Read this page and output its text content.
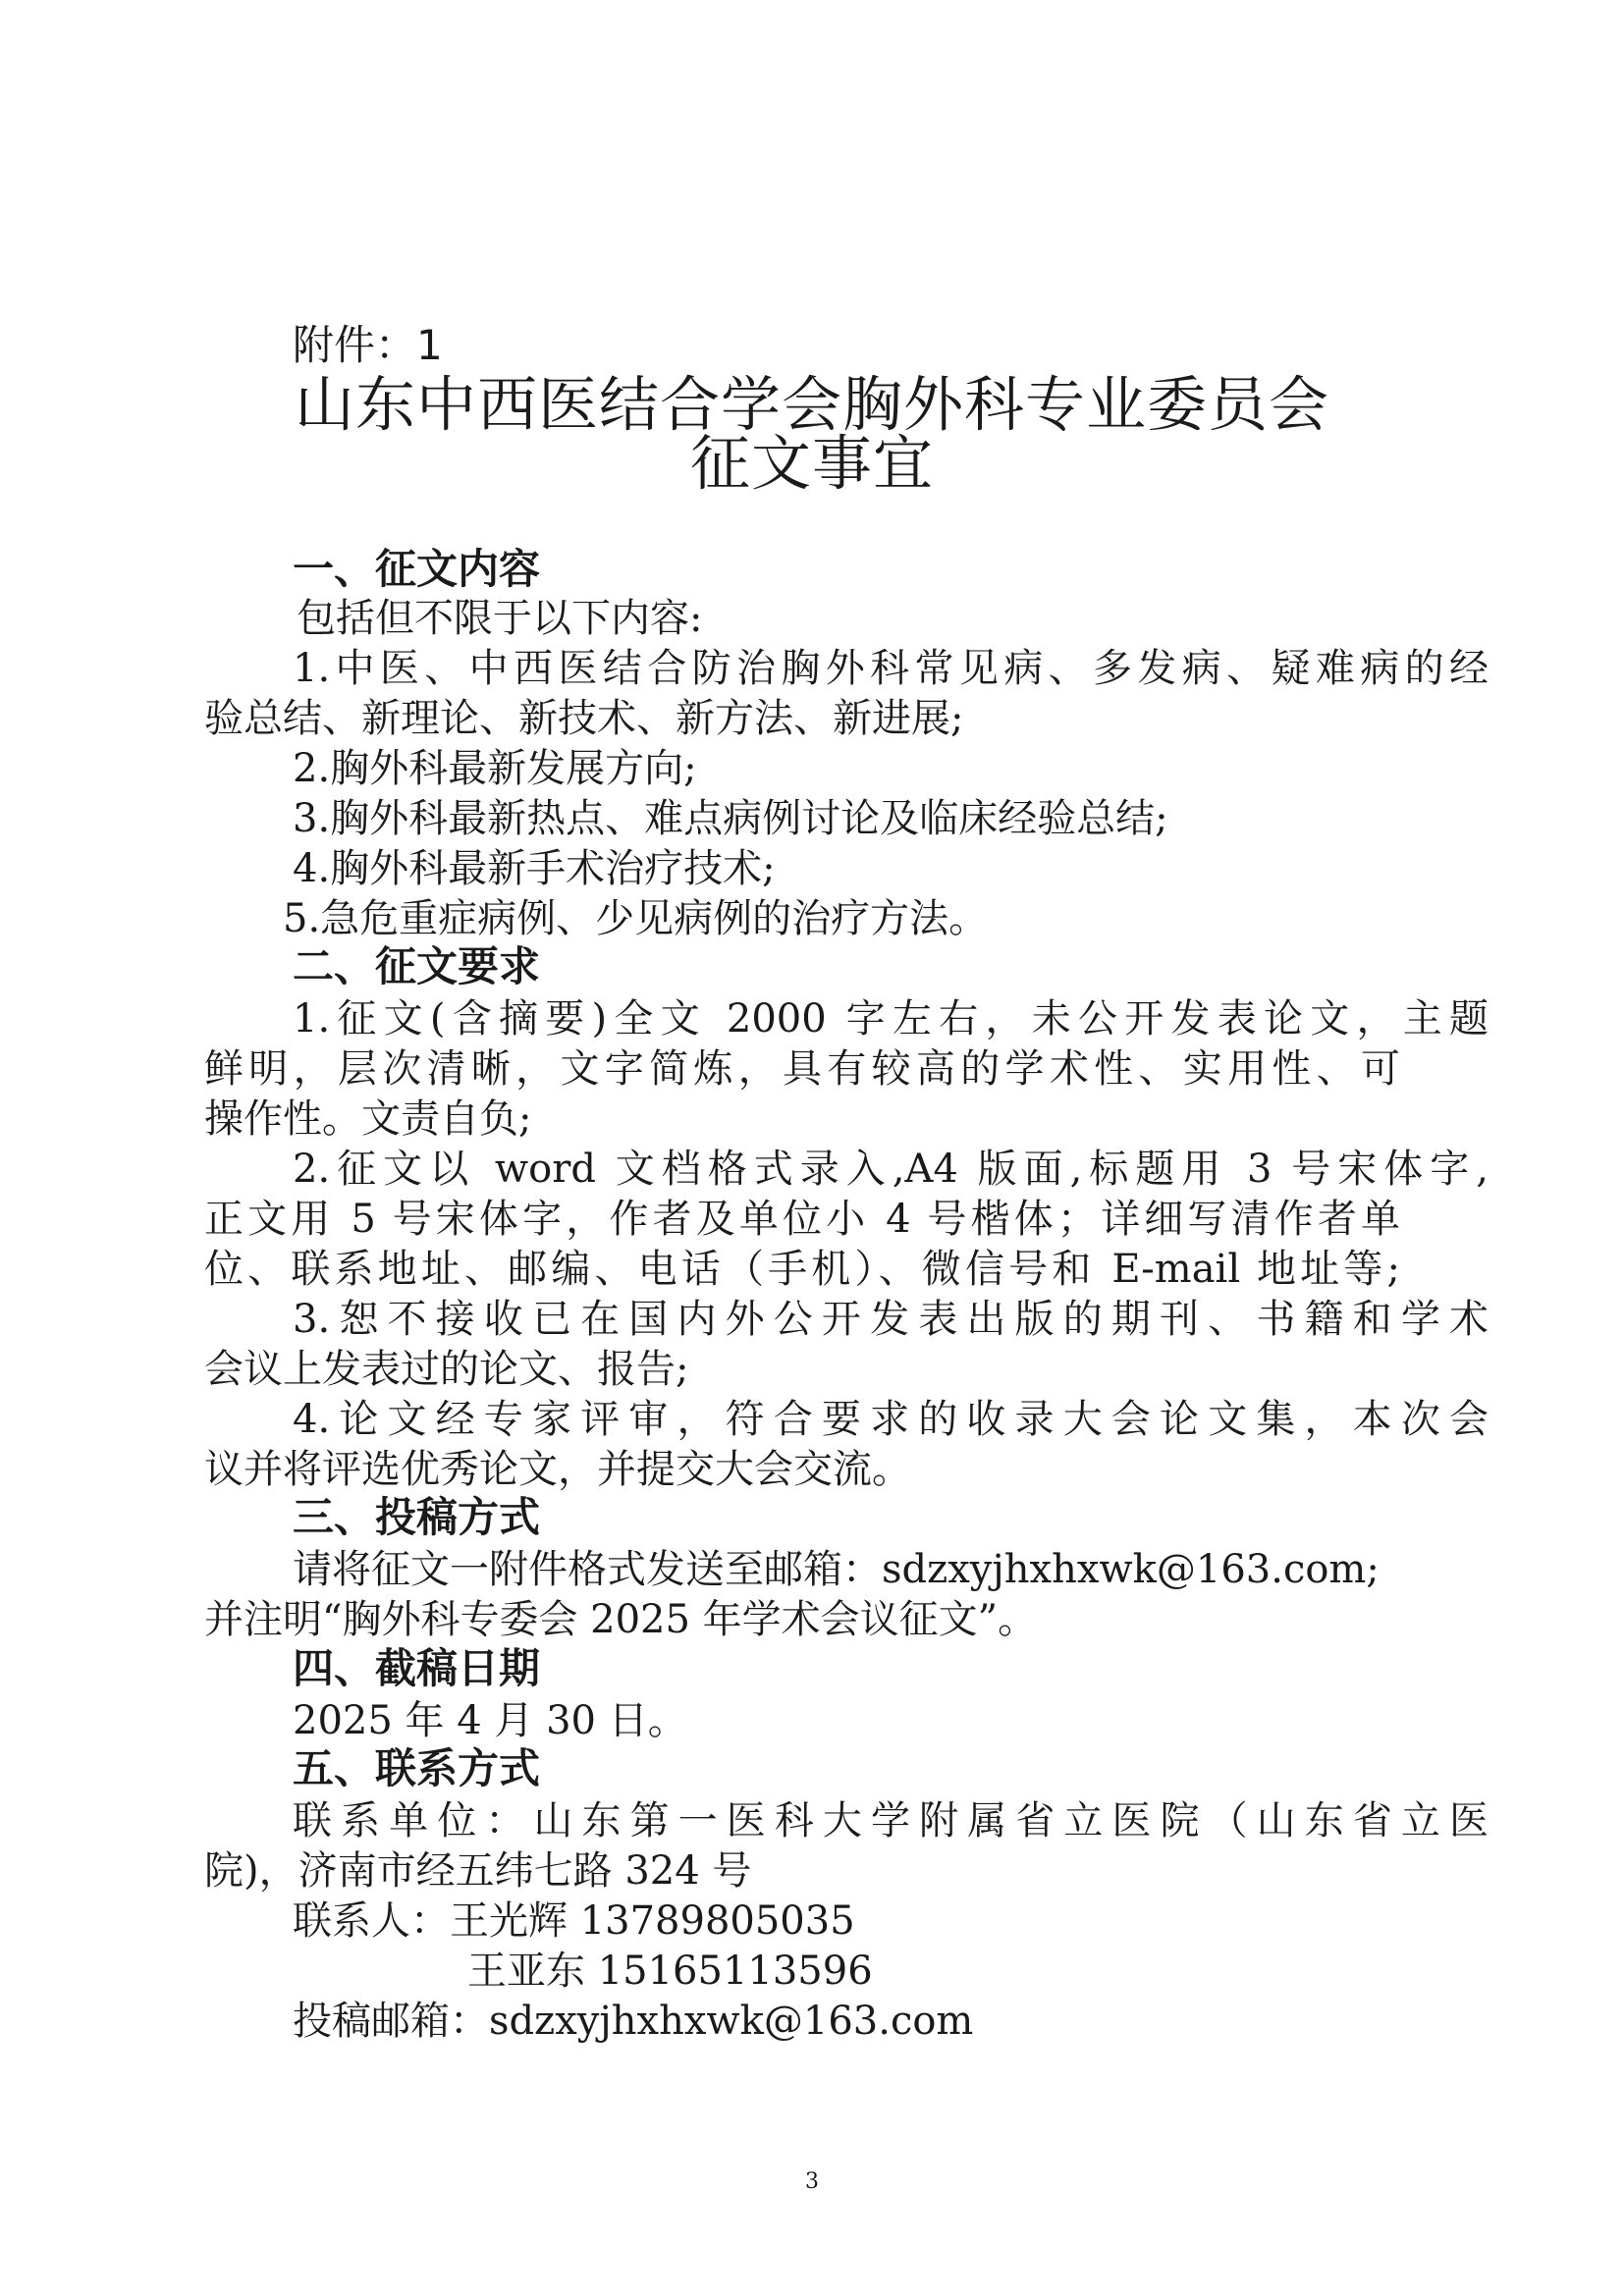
附件：1
山东中西医结合学会胸外科专业委员会
征文事宜
一、征文内容
包括但不限于以下内容:
1.中医、中西医结合防治胸外科常见病、多发病、疑难病的经
验总结、新理论、新技术、新方法、新进展;
2.胸外科最新发展方向;
3.胸外科最新热点、难点病例讨论及临床经验总结;
4.胸外科最新手术治疗技术;
5.急危重症病例、少见病例的治疗方法。
二、征文要求
1.征文(含摘要)全文 2000 字左右，未公开发表论文，主题
鲜明，层次清晰，文字简炼，具有较高的学术性、实用性、可
操作性。文责自负;
2.征文以 word 文档格式录入,A4 版面,标题用 3 号宋体字,
正文用 5 号宋体字，作者及单位小 4 号楷体；详细写清作者单
位、联系地址、邮编、电话（手机）、微信号和 E-mail 地址等;
3.恕不接收已在国内外公开发表出版的期刊、书籍和学术
会议上发表过的论文、报告;
4.论文经专家评审，符合要求的收录大会论文集，本次会
议并将评选优秀论文，并提交大会交流。
三、投稿方式
请将征文一附件格式发送至邮箱：sdzxyjhxhxwk@163.com;
并注明“胸外科专委会 2025 年学术会议征文”。
四、截稿日期
2025 年 4 月 30 日。
五、联系方式
联系单位：山东第一医科大学附属省立医院（山东省立医
院)，济南市经五纬七路 324 号
联系人：王光辉 13789805035
王亚东 15165113596
投稿邮箱：sdzxyjhxhxwk@163.com
3
